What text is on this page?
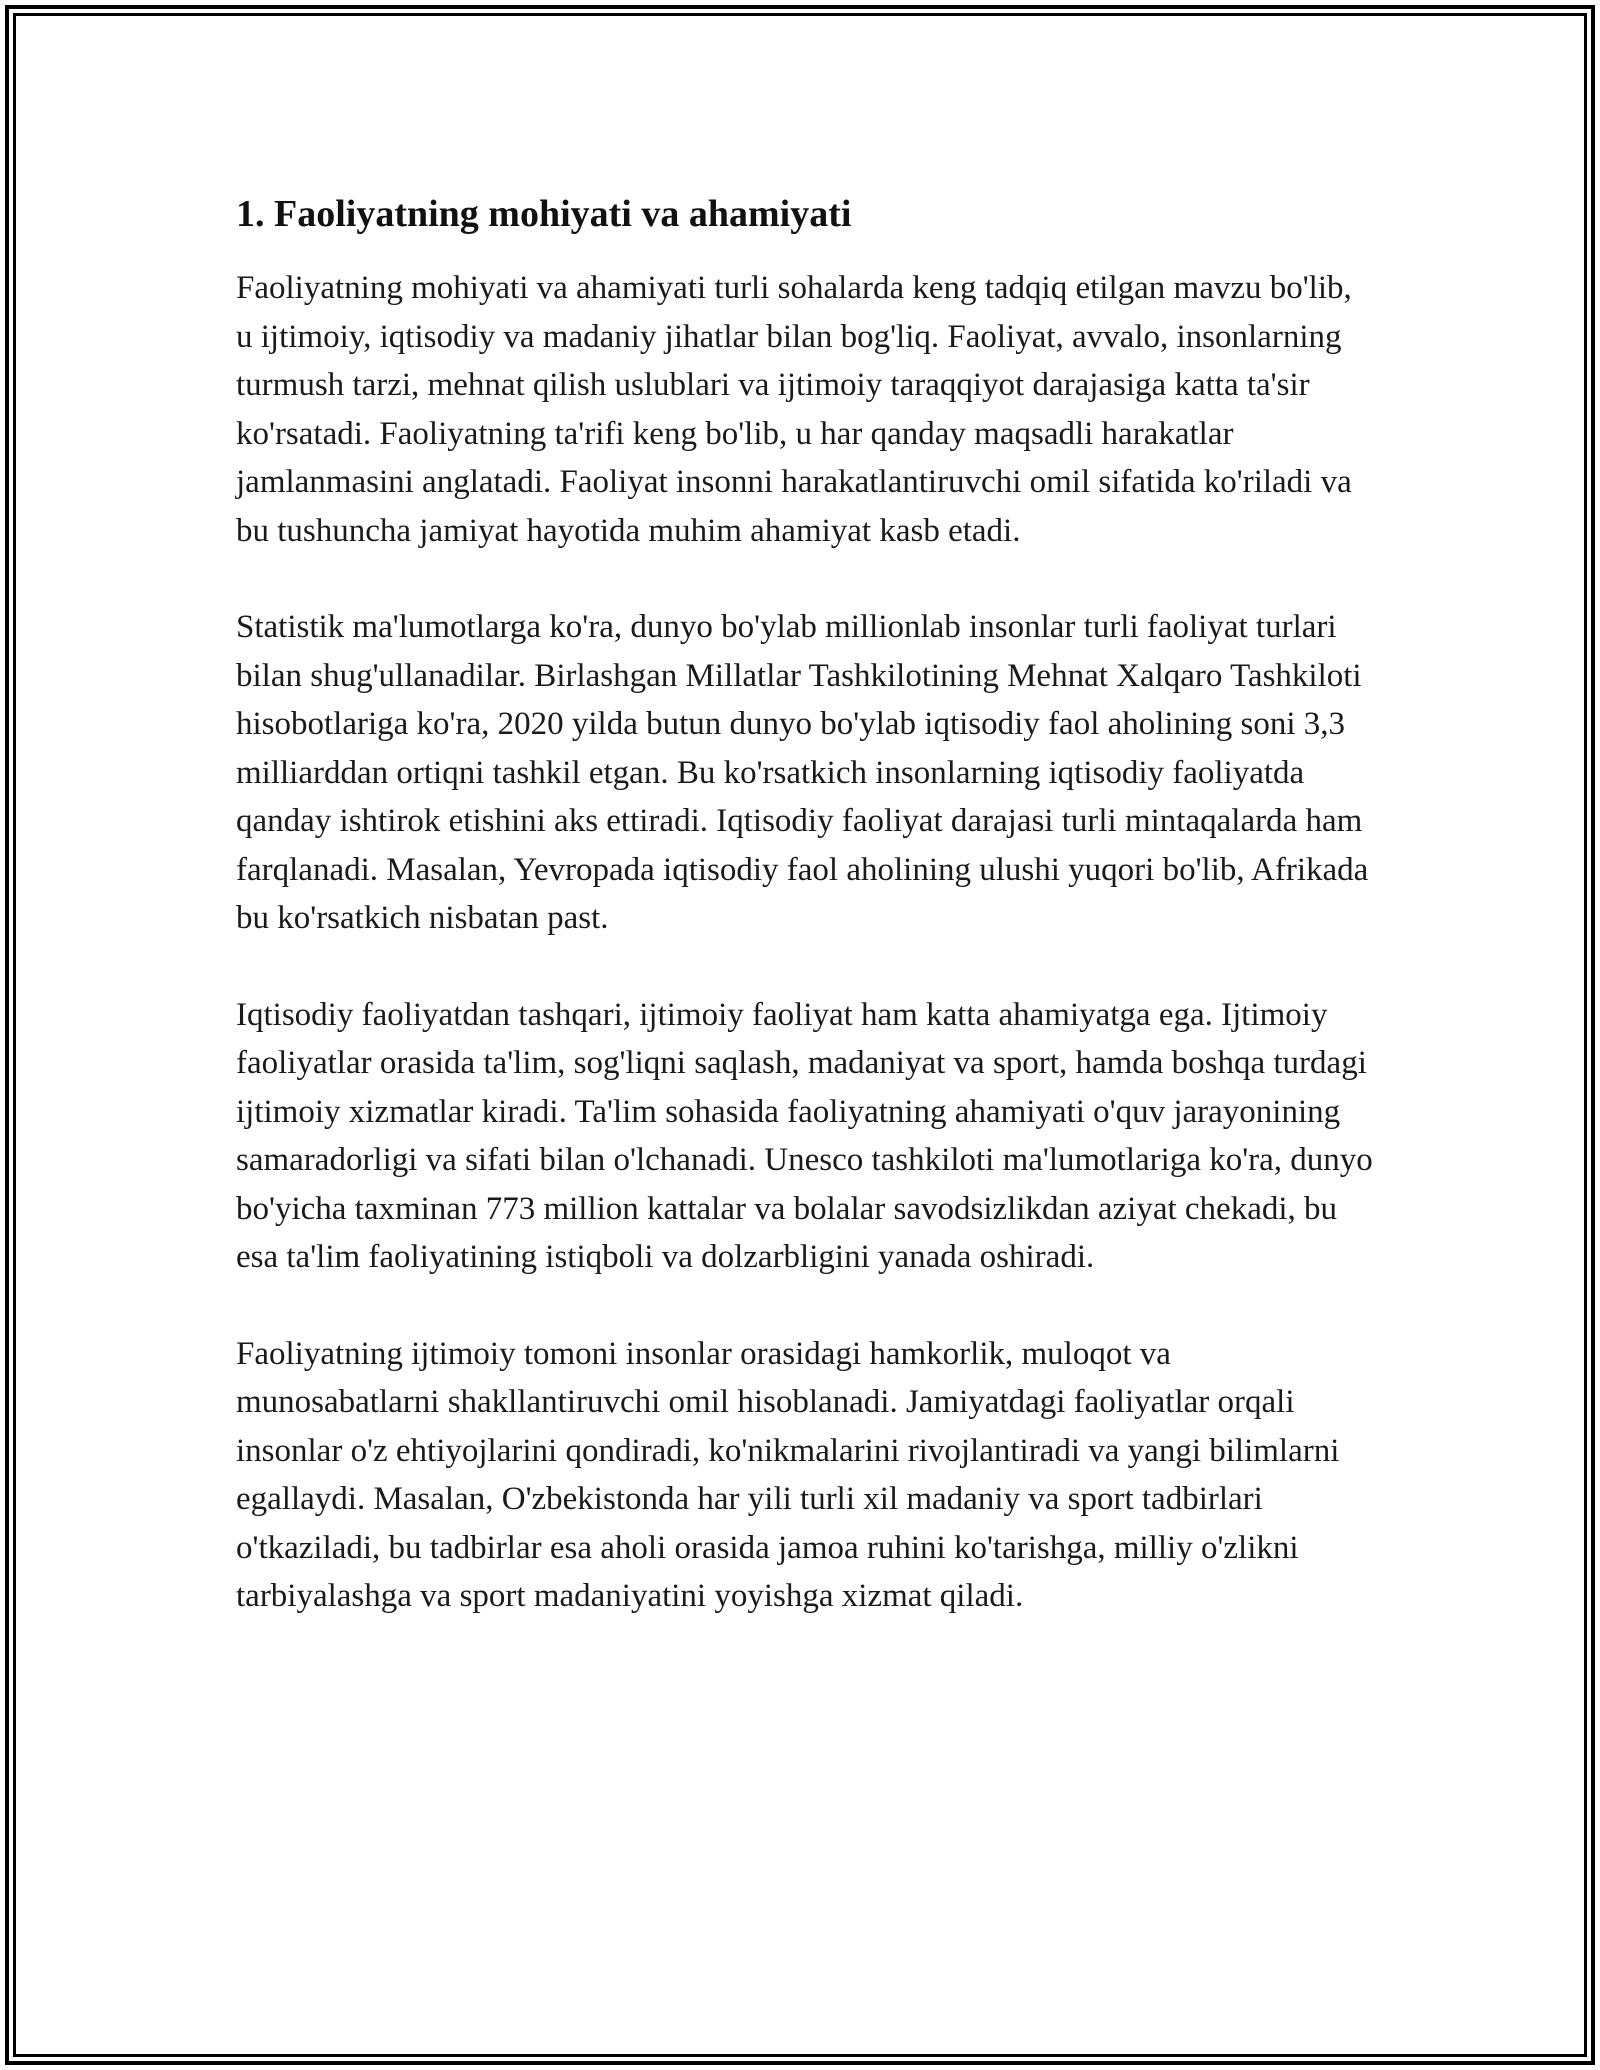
1. Faoliyatning mohiyati va ahamiyati

Faoliyatning mohiyati va ahamiyati turli sohalarda keng tadqiq etilgan mavzu bo'lib, u ijtimoiy, iqtisodiy va madaniy jihatlar bilan bog'liq. Faoliyat, avvalo, insonlarning turmush tarzi, mehnat qilish uslublari va ijtimoiy taraqqiyot darajasiga katta ta'sir ko'rsatadi. Faoliyatning ta'rifi keng bo'lib, u har qanday maqsadli harakatlar jamlanmasini anglatadi. Faoliyat insonni harakatlantiruvchi omil sifatida ko'riladi va bu tushuncha jamiyat hayotida muhim ahamiyat kasb etadi.

Statistik ma'lumotlarga ko'ra, dunyo bo'ylab millionlab insonlar turli faoliyat turlari bilan shug'ullanadilar. Birlashgan Millatlar Tashkilotining Mehnat Xalqaro Tashkiloti hisobotlariga ko'ra, 2020 yilda butun dunyo bo'ylab iqtisodiy faol aholining soni 3,3 milliarddan ortiqni tashkil etgan. Bu ko'rsatkich insonlarning iqtisodiy faoliyatda qanday ishtirok etishini aks ettiradi. Iqtisodiy faoliyat darajasi turli mintaqalarda ham farqlanadi. Masalan, Yevropada iqtisodiy faol aholining ulushi yuqori bo'lib, Afrikada bu ko'rsatkich nisbatan past.

Iqtisodiy faoliyatdan tashqari, ijtimoiy faoliyat ham katta ahamiyatga ega. Ijtimoiy faoliyatlar orasida ta'lim, sog'liqni saqlash, madaniyat va sport, hamda boshqa turdagi ijtimoiy xizmatlar kiradi. Ta'lim sohasida faoliyatning ahamiyati o'quv jarayonining samaradorligi va sifati bilan o'lchanadi. Unesco tashkiloti ma'lumotlariga ko'ra, dunyo bo'yicha taxminan 773 million kattalar va bolalar savodsizlikdan aziyat chekadi, bu esa ta'lim faoliyatining istiqboli va dolzarbligini yanada oshiradi.

Faoliyatning ijtimoiy tomoni insonlar orasidagi hamkorlik, muloqot va munosabatlarni shakllantiruvchi omil hisoblanadi. Jamiyatdagi faoliyatlar orqali insonlar o'z ehtiyojlarini qondiradi, ko'nikmalarini rivojlantiradi va yangi bilimlarni egallaydi. Masalan, O'zbekistonda har yili turli xil madaniy va sport tadbirlari o'tkaziladi, bu tadbirlar esa aholi orasida jamoa ruhini ko'tarishga, milliy o'zlikni tarbiyalashga va sport madaniyatini yoyishga xizmat qiladi.
